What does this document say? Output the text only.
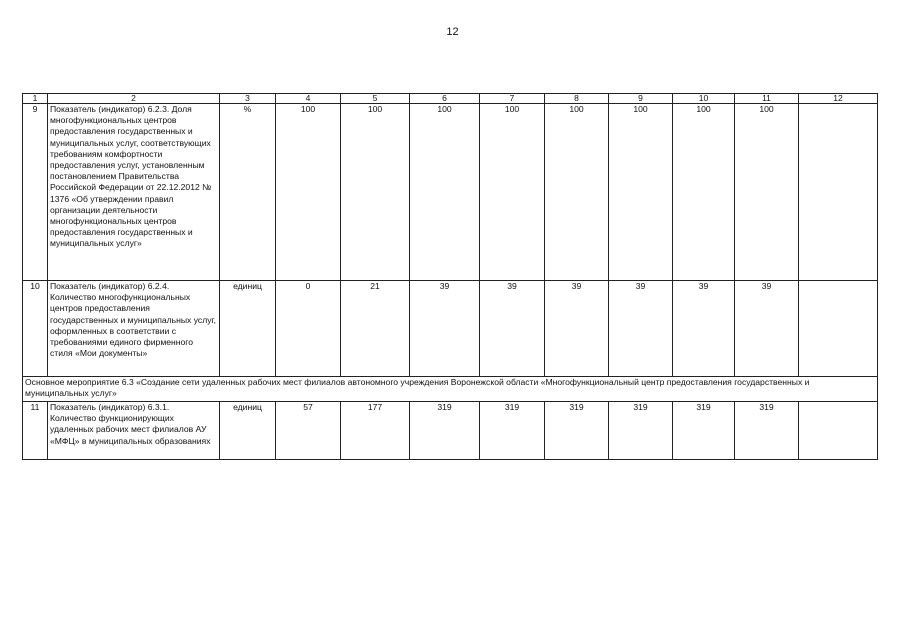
12
1	2	3	4	5	6	7	8	9	10	11	12
9	Показатель (индикатор) 6.2.3. Доля многофункциональных центров предоставления государственных и муниципальных услуг, соответствующих требованиям комфортности предоставления услуг, установленным постановлением Правительства Российской Федерации от 22.12.2012 № 1376 «Об утверждении правил организации деятельности многофункциональных центров предоставления государственных и муниципальных услуг»	%	100	100	100	100	100	100	100	100	
10	Показатель (индикатор) 6.2.4. Количество многофункциональных центров предоставления государственных и муниципальных услуг, оформленных в соответствии с требованиями единого фирменного стиля «Мои документы»	единиц	0	21	39	39	39	39	39	39	
Основное мероприятие 6.3 «Создание сети удаленных рабочих мест филиалов автономного учреждения Воронежской области «Многофункциональный центр предоставления государственных и муниципальных услуг»											
11	Показатель (индикатор) 6.3.1. Количество функционирующих удаленных рабочих мест филиалов АУ «МФЦ» в муниципальных образованиях	единиц	57	177	319	319	319	319	319	319	
